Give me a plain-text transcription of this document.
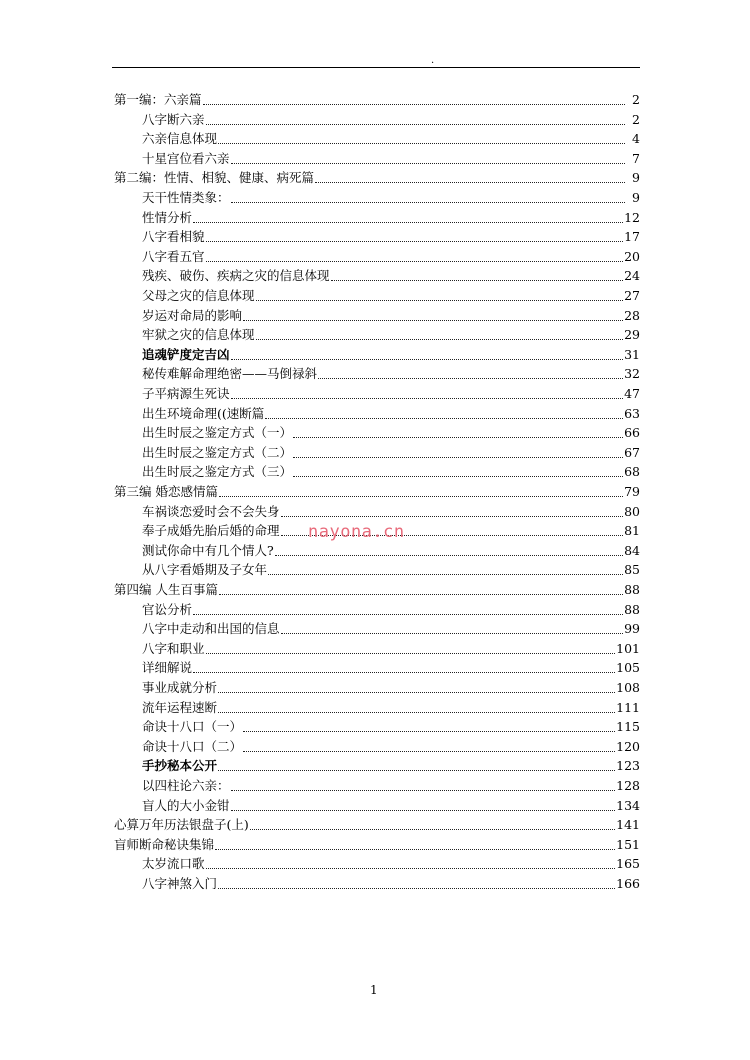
.
第一编：六亲篇	2
八字断六亲	2
六亲信息体现	4
十星宫位看六亲	7
第二编：性情、相貌、健康、病死篇	9
天干性情类象：	9
性情分析	12
八字看相貌	17
八字看五官	20
残疾、破伤、疾病之灾的信息体现	24
父母之灾的信息体现	27
岁运对命局的影响	28
牢狱之灾的信息体现	29
追魂铲度定吉凶	31
秘传难解命理绝密——马倒禄斜	32
子平病源生死诀	47
出生环境命理((速断篇	63
出生时辰之鉴定方式（一）	66
出生时辰之鉴定方式（二）	67
出生时辰之鉴定方式（三）	68
第三编 婚恋感情篇	79
车祸谈恋爱时会不会失身	80
奉子成婚先胎后婚的命理	81
测试你命中有几个情人?	84
从八字看婚期及子女年	85
第四编 人生百事篇	88
官讼分析	88
八字中走动和出国的信息	99
八字和职业	101
详细解说	105
事业成就分析	108
流年运程速断	111
命诀十八口（一）	115
命诀十八口（二）	120
手抄秘本公开	123
以四柱论六亲：	128
盲人的大小金钳	134
心算万年历法银盘子(上)	141
盲师断命秘诀集锦	151
太岁流口歌	165
八字神煞入门	166
nayona.cn
1
